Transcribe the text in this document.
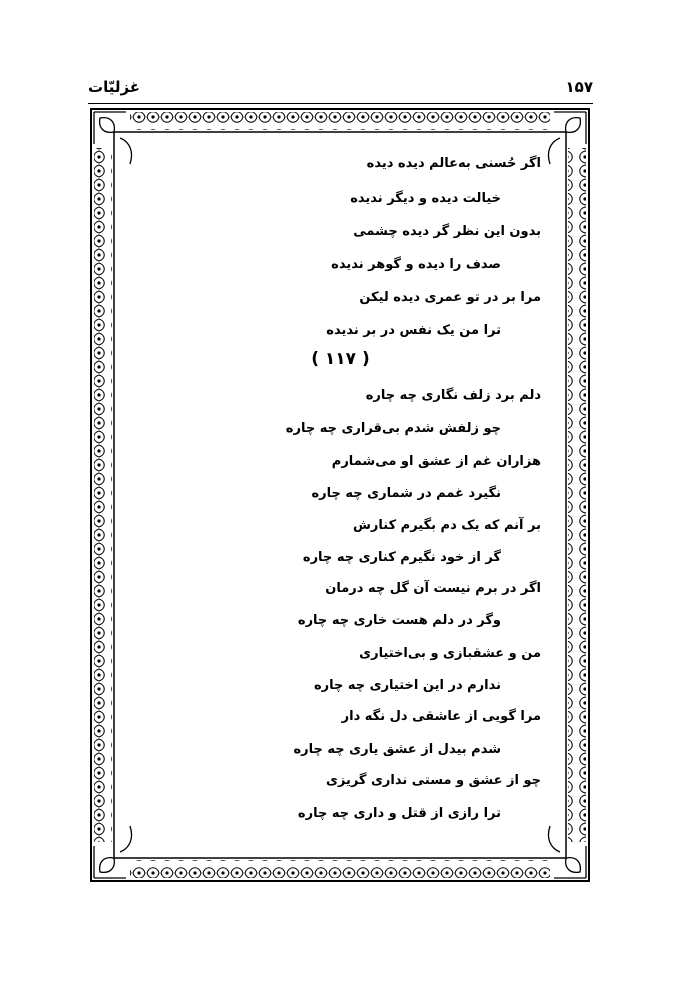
غزلیّات	۱۵۷
اگر حُسنی به‌عالم دیده دیده
خیالت دیده و دیگر ندیده
بدون این نظر گر دیده چشمی
صدف را دیده و گوهر ندیده
مرا بر در تو عمری دیده لیکن
ترا من یک نفس در بر ندیده
( ۱۱۷ )
دلم برد زلف نگاری چه چاره
چو زلفش شدم بی‌قراری چه چاره
هزاران غم از عشق او می‌شمارم
نگیرد غمم در شماری چه چاره
بر آنم که یک دم بگیرم کنارش
گر از خود نگیرم کناری چه چاره
اگر در برم نیست آن گل چه درمان
وگر در دلم هست خاری چه چاره
من و عشقبازی و بی‌اختیاری
ندارم در این اختیاری چه چاره
مرا گویی از عاشقی دل نگه دار
شدم بیدل از عشق یاری چه چاره
چو از عشق و مستی نداری گریزی
ترا رازی از قتل و داری چه چاره
